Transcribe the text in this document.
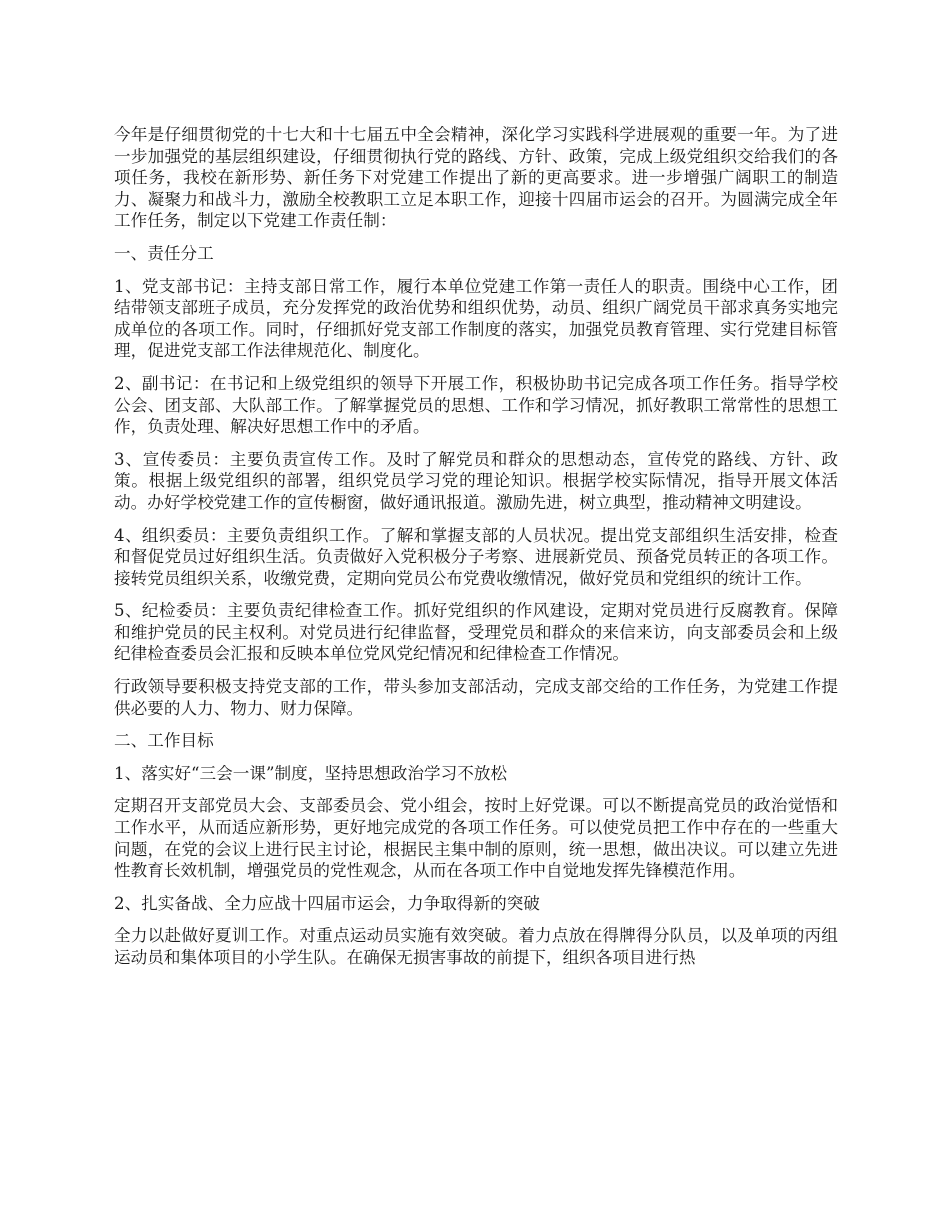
今年是仔细贯彻党的十七大和十七届五中全会精神，深化学习实践科学进展观的重要一年。为了进一步加强党的基层组织建设，仔细贯彻执行党的路线、方针、政策，完成上级党组织交给我们的各项任务，我校在新形势、新任务下对党建工作提出了新的更高要求。进一步增强广阔职工的制造力、凝聚力和战斗力，激励全校教职工立足本职工作，迎接十四届市运会的召开。为圆满完成全年工作任务，制定以下党建工作责任制：

一、责任分工

1、党支部书记：主持支部日常工作，履行本单位党建工作第一责任人的职责。围绕中心工作，团结带领支部班子成员，充分发挥党的政治优势和组织优势，动员、组织广阔党员干部求真务实地完成单位的各项工作。同时，仔细抓好党支部工作制度的落实，加强党员教育管理、实行党建目标管理，促进党支部工作法律规范化、制度化。

2、副书记：在书记和上级党组织的领导下开展工作，积极协助书记完成各项工作任务。指导学校公会、团支部、大队部工作。了解掌握党员的思想、工作和学习情况，抓好教职工常常性的思想工作，负责处理、解决好思想工作中的矛盾。

3、宣传委员：主要负责宣传工作。及时了解党员和群众的思想动态，宣传党的路线、方针、政策。根据上级党组织的部署，组织党员学习党的理论知识。根据学校实际情况，指导开展文体活动。办好学校党建工作的宣传橱窗，做好通讯报道。激励先进，树立典型，推动精神文明建设。

4、组织委员：主要负责组织工作。了解和掌握支部的人员状况。提出党支部组织生活安排，检查和督促党员过好组织生活。负责做好入党积极分子考察、进展新党员、预备党员转正的各项工作。接转党员组织关系，收缴党费，定期向党员公布党费收缴情况，做好党员和党组织的统计工作。

5、纪检委员：主要负责纪律检查工作。抓好党组织的作风建设，定期对党员进行反腐教育。保障和维护党员的民主权利。对党员进行纪律监督，受理党员和群众的来信来访，向支部委员会和上级纪律检查委员会汇报和反映本单位党风党纪情况和纪律检查工作情况。

行政领导要积极支持党支部的工作，带头参加支部活动，完成支部交给的工作任务，为党建工作提供必要的人力、物力、财力保障。

二、工作目标

1、落实好“三会一课”制度，坚持思想政治学习不放松

定期召开支部党员大会、支部委员会、党小组会，按时上好党课。可以不断提高党员的政治觉悟和工作水平，从而适应新形势，更好地完成党的各项工作任务。可以使党员把工作中存在的一些重大问题，在党的会议上进行民主讨论，根据民主集中制的原则，统一思想，做出决议。可以建立先进性教育长效机制，增强党员的党性观念，从而在各项工作中自觉地发挥先锋模范作用。

2、扎实备战、全力应战十四届市运会，力争取得新的突破

全力以赴做好夏训工作。对重点运动员实施有效突破。着力点放在得牌得分队员，以及单项的丙组运动员和集体项目的小学生队。在确保无损害事故的前提下，组织各项目进行热
